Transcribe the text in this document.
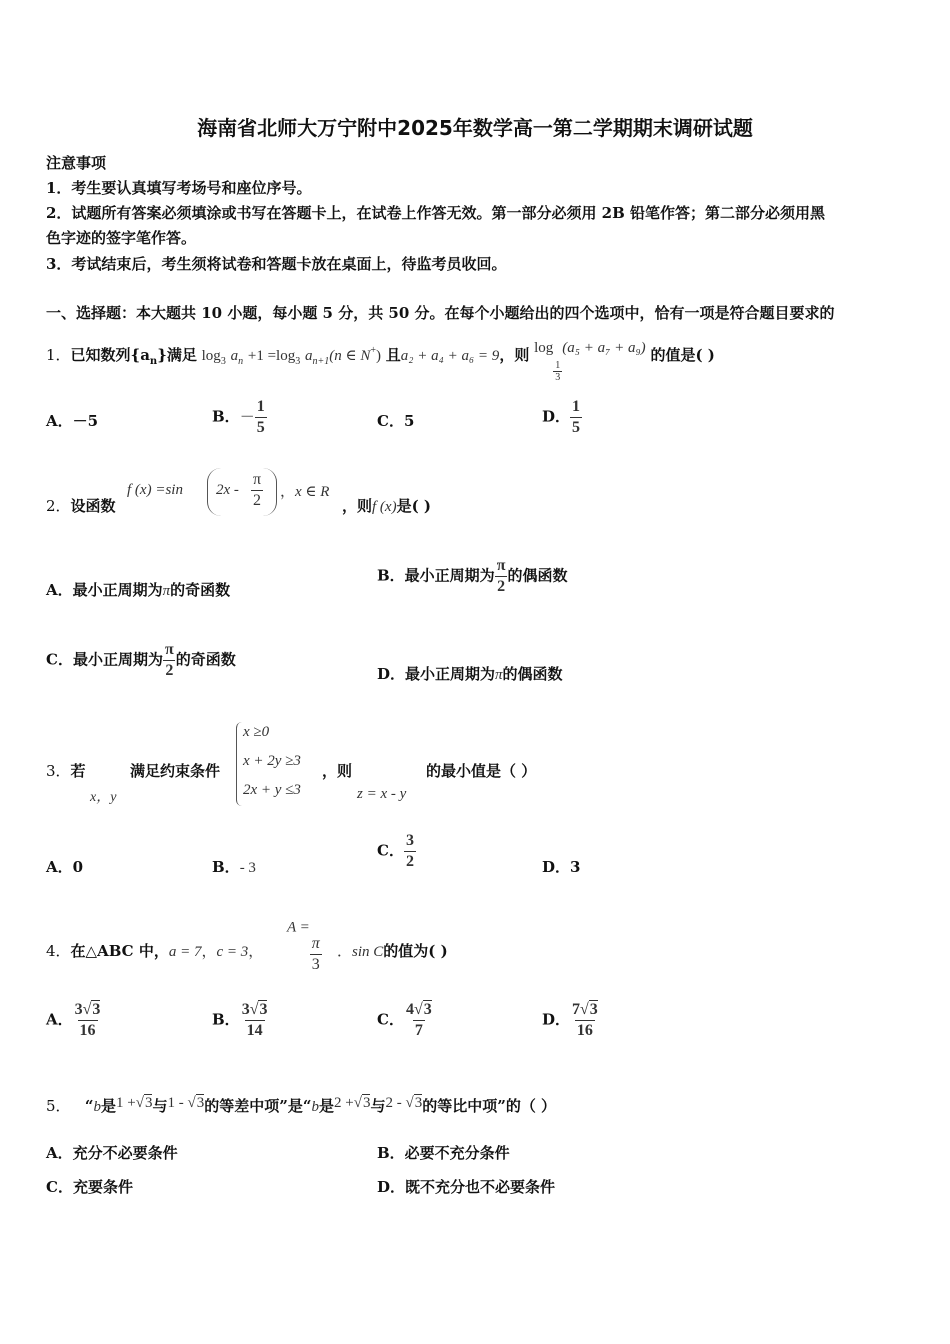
海南省北师大万宁附中2025年数学高一第二学期期末调研试题
注意事项
1．考生要认真填写考场号和座位序号。
2．试题所有答案必须填涂或书写在答题卡上，在试卷上作答无效。第一部分必须用 2B 铅笔作答；第二部分必须用黑
色字迹的签字笔作答。
3．考试结束后，考生须将试卷和答题卡放在桌面上，待监考员收回。
一、选择题：本大题共 10 小题，每小题 5 分，共 50 分。在每个小题给出的四个选项中，恰有一项是符合题目要求的
1．已知数列$\{a_n\}$满足 $\log_3 a_n +1 =\log_3$ $a_{n+1}(n$ ∈ N+) 且a₂ + a₄ + a₆ = 9，则 log
$\frac{1}{3}$
(a₅ + a₇ + a₉) 的值是( )
A．－5	B．－ $\frac{1}{5}$	C．5	D． $\frac{1}{5}$
2．设函数
f (x) =sin $2x - \frac{\pi}{2}$ ，x ∈ R
，则f (x)是( )
A．最小正周期为π的奇函数
B．最小正周期为 $\frac{\pi}{2}$ 的偶函数
C．最小正周期为 $\frac{\pi}{2}$ 的奇函数
D．最小正周期为π的偶函数
3．若
x，y
满足约束条件
x ≥0
x + 2y ≥3
2x + y ≤3
，则
z = x - y
的最小值是（ ）
A．0	B．- 3
C． $\frac{3}{2}$	D．3
4．在△ABC 中，a = 7，c = 3，
A =
$\frac{\pi}{3}$ ．sin C的值为( )
A． $\frac{3√3}{16}$	B． $\frac{3√3}{14}$	C． $\frac{4√3}{7}$	D． $\frac{7√3}{16}$
5． “b是1 +√3与1 - √3的等差中项”是“b是2 +√3与2 - √3的等比中项”的（ ）
A．充分不必要条件	B．必要不充分条件
C．充要条件	D．既不充分也不必要条件
